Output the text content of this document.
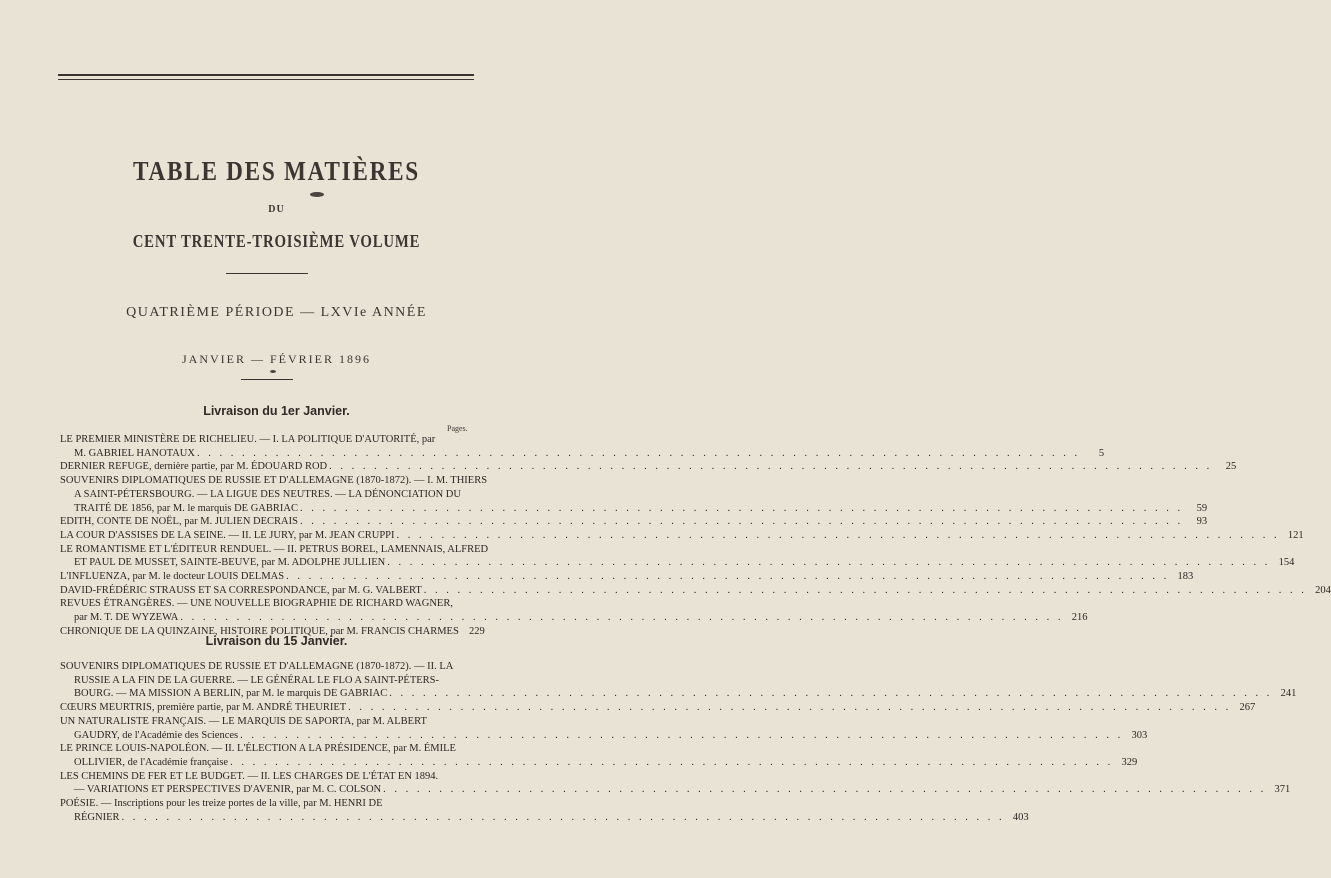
TABLE DES MATIÈRES
DU
CENT TRENTE-TROISIÈME VOLUME
QUATRIÈME PÉRIODE — LXVIe ANNÉE
JANVIER — FÉVRIER 1896
Livraison du 1er Janvier.
Pages.
LE PREMIER MINISTÈRE DE RICHELIEU. — I. LA POLITIQUE D'AUTORITÉ, par
M. GABRIEL HANOTAUX . . .	5
DERNIER REFUGE, dernière partie, par M. ÉDOUARD ROD . . .	25
SOUVENIRS DIPLOMATIQUES DE RUSSIE ET D'ALLEMAGNE (1870-1872). — I. M. THIERS
A SAINT-PÉTERSBOURG. — LA LIGUE DES NEUTRES. — LA DÉNONCIATION DU
TRAITÉ DE 1856, par M. le marquis DE GABRIAC . . .	59
EDITH, CONTE DE NOËL, par M. JULIEN DECRAIS . . .	93
LA COUR D'ASSISES DE LA SEINE. — II. LE JURY, par M. JEAN CRUPPI . . .	121
LE ROMANTISME ET L'ÉDITEUR RENDUEL. — II. PETRUS BOREL, LAMENNAIS, ALFRED
ET PAUL DE MUSSET, SAINTE-BEUVE, par M. ADOLPHE JULLIEN . . .	154
L'INFLUENZA, par M. le docteur LOUIS DELMAS . . .	183
DAVID-FRÉDÉRIC STRAUSS ET SA CORRESPONDANCE, par M. G. VALBERT . . .	204
REVUES ÉTRANGÈRES. — UNE NOUVELLE BIOGRAPHIE DE RICHARD WAGNER,
par M. T. DE WYZEWA . . .	216
CHRONIQUE DE LA QUINZAINE, HISTOIRE POLITIQUE, par M. FRANCIS CHARMES 229
Livraison du 15 Janvier.
SOUVENIRS DIPLOMATIQUES DE RUSSIE ET D'ALLEMAGNE (1870-1872). — II. LA
RUSSIE A LA FIN DE LA GUERRE. — LE GÉNÉRAL LE FLO A SAINT-PÉTERS-
BOURG. — MA MISSION A BERLIN, par M. le marquis DE GABRIAC . . .	241
CŒURS MEURTRIS, première partie, par M. ANDRÉ THEURIET . . .	267
UN NATURALISTE FRANÇAIS. — LE MARQUIS DE SAPORTA, par M. ALBERT
GAUDRY, de l'Académie des Sciences . . .	303
LE PRINCE LOUIS-NAPOLÉON. — II. L'ÉLECTION A LA PRÉSIDENCE, par M. ÉMILE
OLLIVIER, de l'Académie française . . .	329
LES CHEMINS DE FER ET LE BUDGET. — II. LES CHARGES DE L'ÉTAT EN 1894.
— VARIATIONS ET PERSPECTIVES D'AVENIR, par M. C. COLSON . . .	371
POÉSIE. — Inscriptions pour les treize portes de la ville, par M. HENRI DE
RÉGNIER . . .	403
